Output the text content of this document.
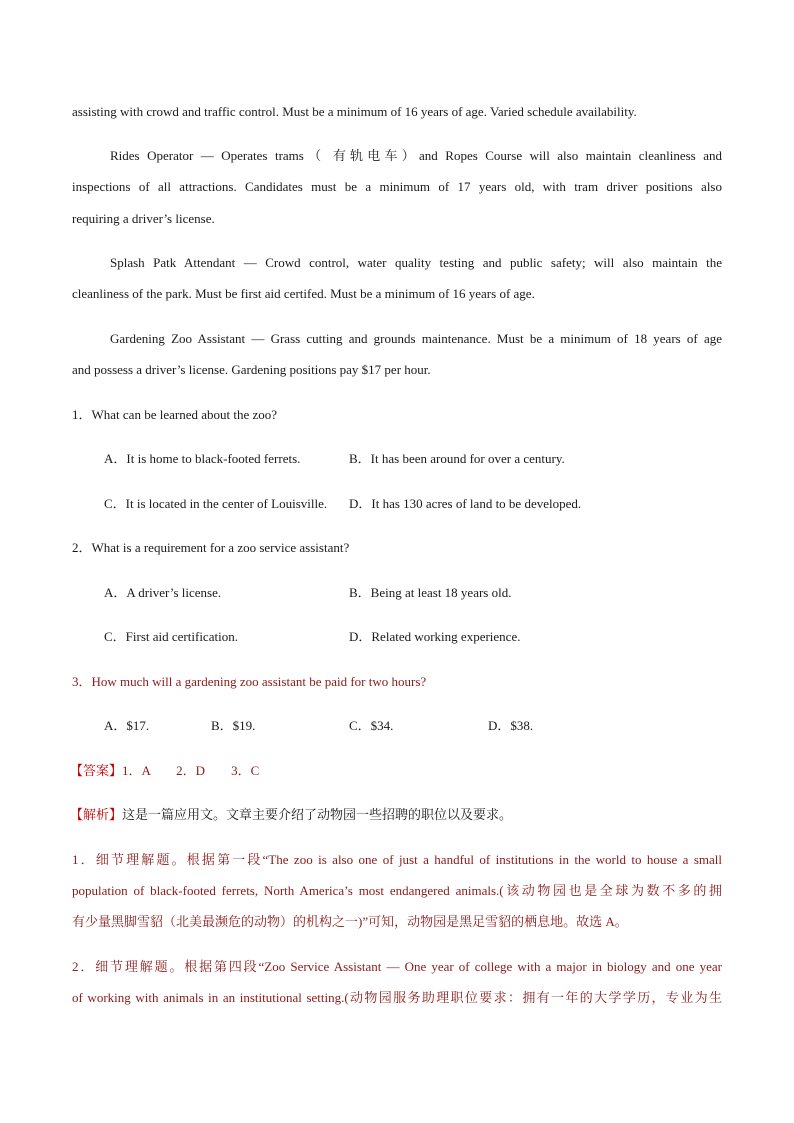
assisting with crowd and traffic control. Must be a minimum of 16 years of age. Varied schedule availability.
Rides Operator — Operates trams（ 有轨电车）and Ropes Course will also maintain cleanliness and
inspections of all attractions. Candidates must be a minimum of 17 years old, with tram driver positions also
requiring a driver’s license.
Splash Patk Attendant — Crowd control, water quality testing and public safety; will also maintain the
cleanliness of the park. Must be first aid certifed. Must be a minimum of 16 years of age.
Gardening Zoo Assistant — Grass cutting and grounds maintenance. Must be a minimum of 18 years of age
and possess a driver’s license. Gardening positions pay $17 per hour.
1．What can be learned about the zoo?
A．It is home to black-footed ferrets.	B．It has been around for over a century.
C．It is located in the center of Louisville. D．It has 130 acres of land to be developed.
2．What is a requirement for a zoo service assistant?
A．A driver’s license.	B．Being at least 18 years old.
C．First aid certification.	D．Related working experience.
3．How much will a gardening zoo assistant be paid for two hours?
A．$17.	B．$19.	C．$34.	D．$38.
【答案】1．A　　2．D　　3．C
【解析】这是一篇应用文。文章主要介绍了动物园一些招聘的职位以及要求。
1．细节理解题。根据第一段“The zoo is also one of just a handful of institutions in the world to house a small
population of black-footed ferrets, North America’s most endangered animals.(该动物园也是全球为数不多的拥
有少量黑脚雪貂（北美最濒危的动物）的机构之一)”可知，动物园是黑足雪貂的栖息地。故选 A。
2．细节理解题。根据第四段“Zoo Service Assistant — One year of college with a major in biology and one year
of working with animals in an institutional setting.(动物园服务助理职位要求：拥有一年的大学学历，专业为生
